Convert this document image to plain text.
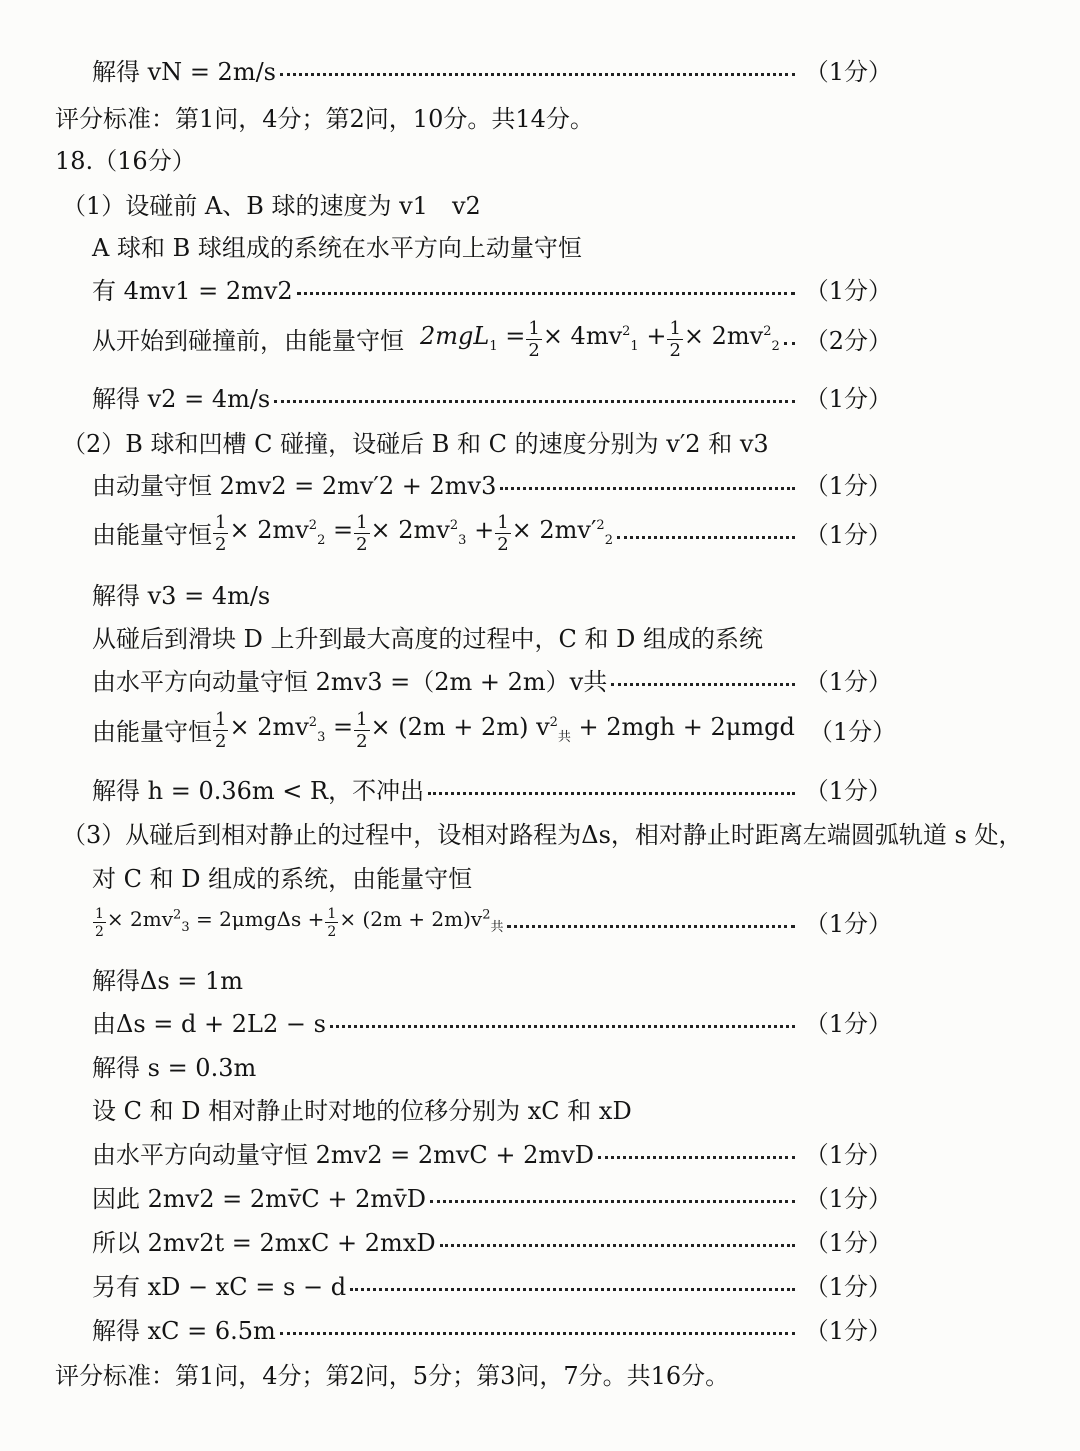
解得 vN = 2m/s	（1分）
评分标准：第1问，4分；第2问，10分。共14分。
18.（16分）
（1）设碰前 A、B 球的速度为 v1　v2
A 球和 B 球组成的系统在水平方向上动量守恒
有 4mv1 = 2mv2	（1分）
从开始到碰撞前，由能量守恒 $2mgL_1 = \frac{1}{2} \times 4mv^2_1 + \frac{1}{2} \times 2mv^2_2$ （2分）
解得 v2 = 4m/s	（1分）
（2）B 球和凹槽 C 碰撞，设碰后 B 和 C 的速度分别为 v′2 和 v3
由动量守恒 2mv2 = 2mv′2 + 2mv3	（1分）
由能量守恒 $\frac{1}{2} \times 2mv^2_2 = \frac{1}{2} \times 2mv^2_3 + \frac{1}{2} \times 2mv'^2_2$	（1分）
解得 v3 = 4m/s
从碰后到滑块 D 上升到最大高度的过程中，C 和 D 组成的系统
由水平方向动量守恒 2mv3 =（2m + 2m）v共	（1分）
由能量守恒 $\frac{1}{2} \times 2mv^2_3 = \frac{1}{2} \times (2m + 2m) v^2_共 + 2mgh + 2\mu mgd$ （1分）
解得 h = 0.36m < R，不冲出	（1分）
（3）从碰后到相对静止的过程中，设相对路程为Δs，相对静止时距离左端圆弧轨道 s 处，
对 C 和 D 组成的系统，由能量守恒
$\frac{1}{2} \times 2mv^2_3 = 2\mu mg\Delta s + \frac{1}{2} \times (2m + 2m)v^2_共$	（1分）
解得Δs = 1m
由Δs = d + 2L2 − s	（1分）
解得 s = 0.3m
设 C 和 D 相对静止时对地的位移分别为 xC 和 xD
由水平方向动量守恒 2mv2 = 2mvC + 2mvD	（1分）
因此 2mv2 = 2mv̄C + 2mv̄D	（1分）
所以 2mv2t = 2mxC + 2mxD	（1分）
另有 xD − xC = s − d	（1分）
解得 xC = 6.5m	（1分）
评分标准：第1问，4分；第2问，5分；第3问，7分。共16分。
